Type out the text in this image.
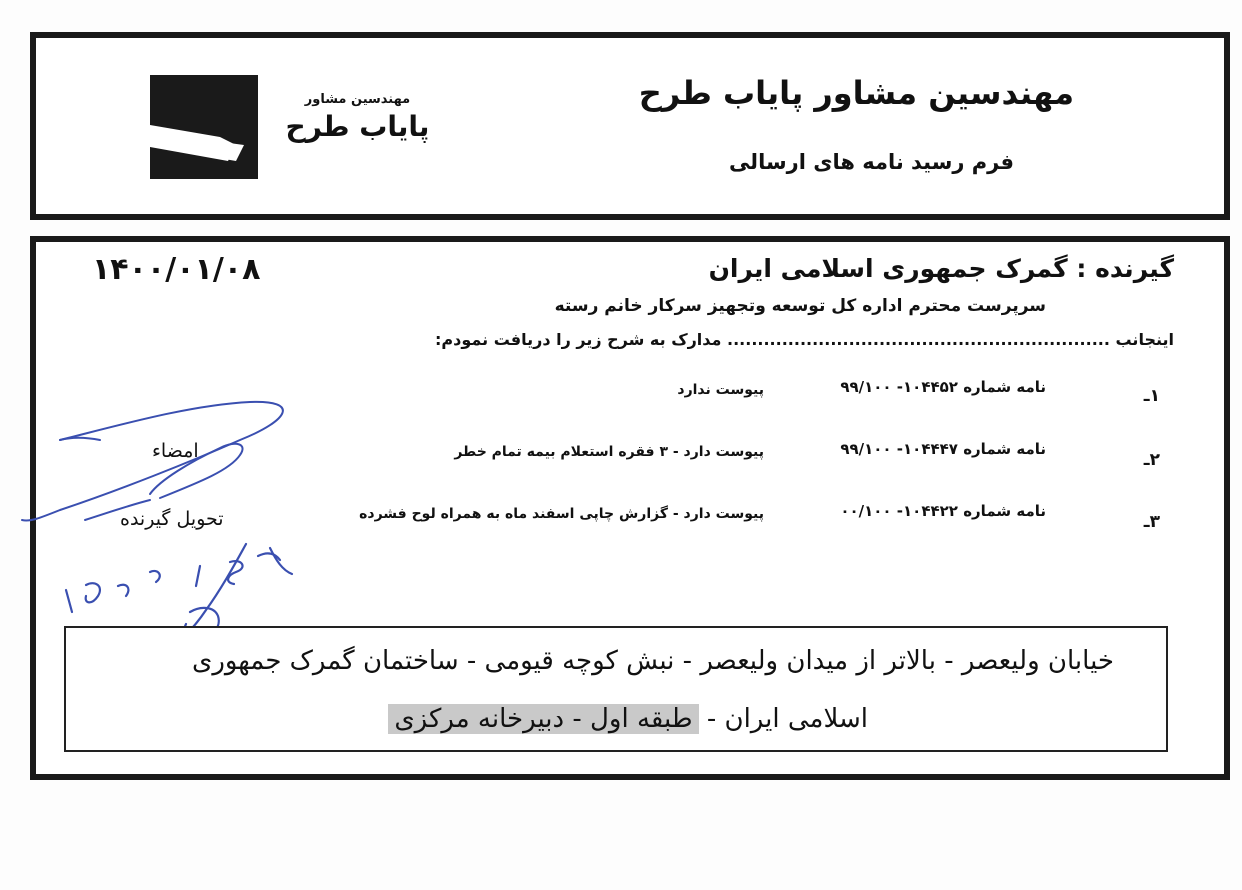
مهندسین مشاور
پایاب طرح
مهندسین مشاور پایاب طرح
فرم رسید نامه های ارسالی
۱۴۰۰/۰۱/۰۸	گیرنده : گمرک جمهوری اسلامی ایران
سرپرست محترم اداره کل توسعه وتجهیز سرکار خانم رسته
اینجانب ............................................................... مدارک به شرح زیر را دریافت نمودم:
۱ـ
نامه شماره ۱۰۴۴۵۲- ۹۹/۱۰۰
پیوست ندارد
۲ـ
نامه شماره ۱۰۴۴۴۷- ۹۹/۱۰۰
پیوست دارد - ۳ فقره استعلام بیمه تمام خطر
۳ـ
نامه شماره ۱۰۴۴۲۲- ۰۰/۱۰۰
پیوست دارد - گزارش چاپی اسفند ماه به همراه لوح فشرده
امضاء
تحویل گیرنده
خیابان ولیعصر - بالاتر از میدان ولیعصر - نبش کوچه قیومی - ساختمان گمرک جمهوری
اسلامی ایران - طبقه اول - دبیرخانه مرکزی
